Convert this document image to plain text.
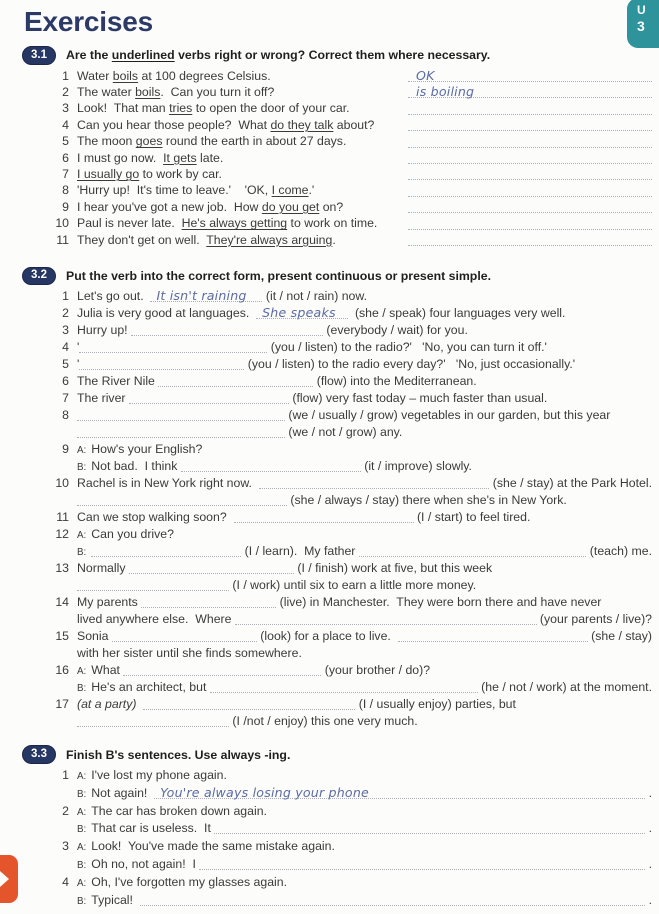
Exercises	U
3
3.1	Are the underlined verbs right or wrong? Correct them where necessary.
1 Water boils at 100 degrees Celsius.	OK
2 The water boils.  Can you turn it off?	is boiling
3 Look!  That man tries to open the door of your car.
4 Can you hear those people?  What do they talk about?
5 The moon goes round the earth in about 27 days.
6 I must go now.  It gets late.
7 I usually go to work by car.
8 'Hurry up!  It's time to leave.'    'OK, I come.'
9 I hear you've got a new job.  How do you get on?
10 Paul is never late.  He's always getting to work on time.
11 They don't get on well.  They're always arguing.
3.2	Put the verb into the correct form, present continuous or present simple.
1 Let's go out. It isn't raining (it / not / rain) now.
2 Julia is very good at languages. She speaks (she / speak) four languages very well.
3 Hurry up!	(everybody / wait) for you.
4 '	(you / listen) to the radio?'   'No, you can turn it off.'
5 '	(you / listen) to the radio every day?'   'No, just occasionally.'
6 The River Nile	(flow) into the Mediterranean.
7 The river	(flow) very fast today – much faster than usual.
8	(we / usually / grow) vegetables in our garden, but this year
(we / not / grow) any.
9 A: How's your English?
B: Not bad.  I think	(it / improve) slowly.
10 Rachel is in New York right now.	(she / stay) at the Park Hotel.
(she / always / stay) there when she's in New York.
11 Can we stop walking soon?	(I / start) to feel tired.
12 A: Can you drive?
B:	(I / learn).  My father	(teach) me.
13 Normally	(I / finish) work at five, but this week
(I / work) until six to earn a little more money.
14 My parents	(live) in Manchester.  They were born there and have never
lived anywhere else.  Where	(your parents / live)?
15 Sonia	(look) for a place to live.	(she / stay)
with her sister until she finds somewhere.
16 A: What	(your brother / do)?
B: He's an architect, but	(he / not / work) at the moment.
17 (at a party)
	(I / usually enjoy) parties, but
(I /not / enjoy) this one very much.
3.3	Finish B's sentences. Use always -ing.
1 A: I've lost my phone again.
B: Not again! You're always losing your phone	.
2 A: The car has broken down again.
B: That car is useless.  It	.
3 A: Look!  You've made the same mistake again.
B: Oh no, not again!  I	.
4 A: Oh, I've forgotten my glasses again.
B: Typical!	.
